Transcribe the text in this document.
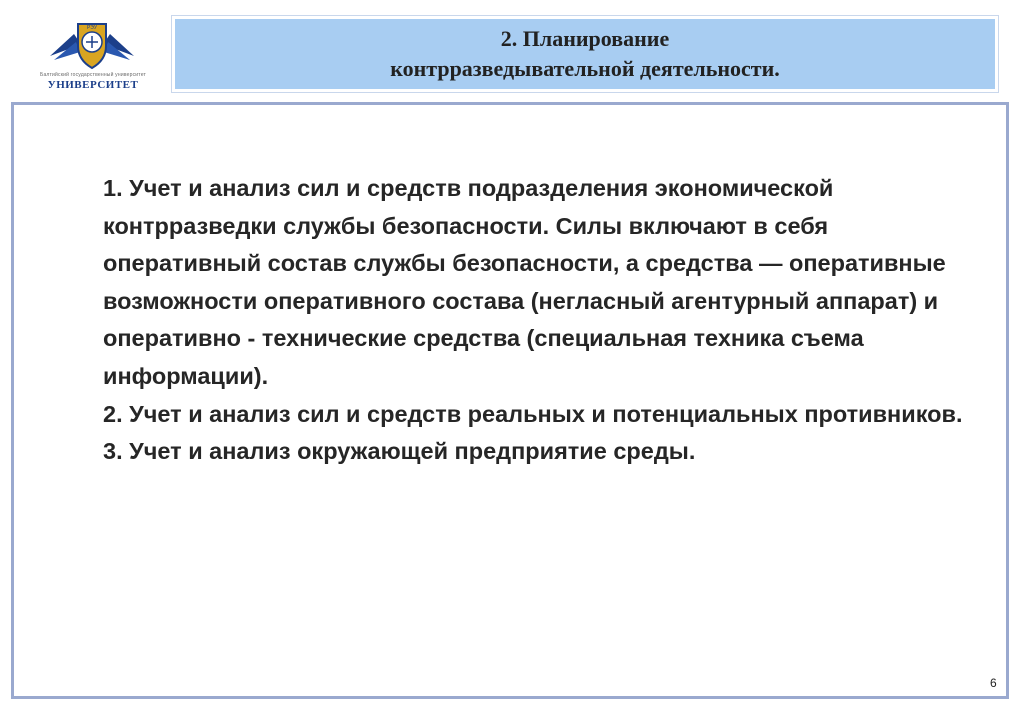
РЭУ
Балтийский государственный университет
УНИВЕРСИТЕТ
2. Планирование
контрразведывательной деятельности.

1. Учет и анализ сил и средств подразделения экономической контрразведки службы безопасности. Силы включают в себя оперативный состав службы безопасности, а средства — оперативные возможности оперативного состава (негласный агентурный аппарат) и оперативно - технические средства (специальная техника съема информации).

2. Учет и анализ сил и средств реальных и потенциальных противников.

3. Учет и анализ окружающей предприятие среды.

6
